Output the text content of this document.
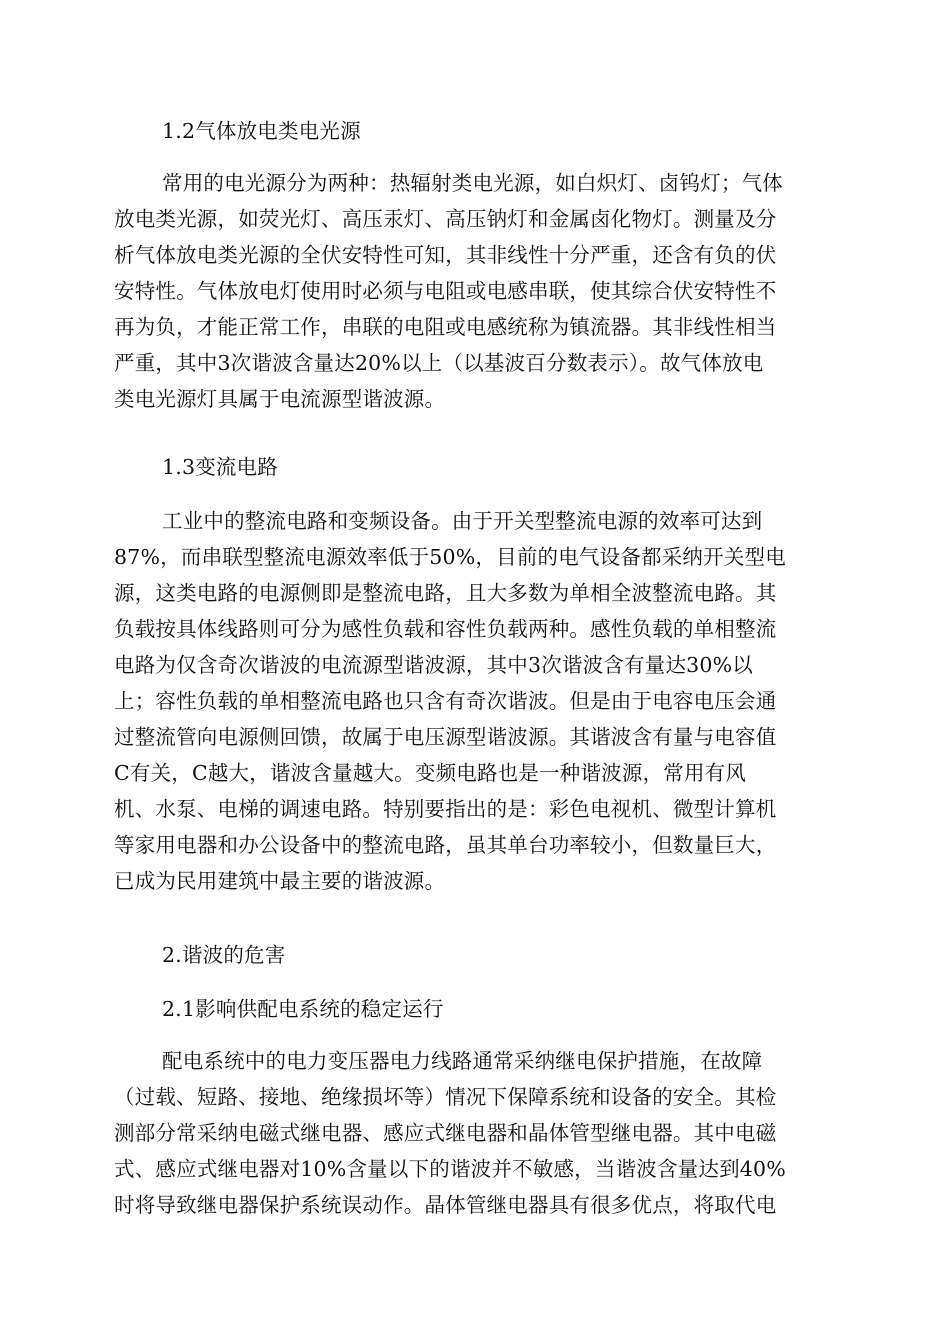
1.2气体放电类电光源
常用的电光源分为两种：热辐射类电光源，如白炽灯、卤钨灯；气体
放电类光源，如荧光灯、高压汞灯、高压钠灯和金属卤化物灯。测量及分
析气体放电类光源的全伏安特性可知，其非线性十分严重，还含有负的伏
安特性。气体放电灯使用时必须与电阻或电感串联，使其综合伏安特性不
再为负，才能正常工作，串联的电阻或电感统称为镇流器。其非线性相当
严重，其中3次谐波含量达20%以上（以基波百分数表示）。故气体放电
类电光源灯具属于电流源型谐波源。
1.3变流电路
工业中的整流电路和变频设备。由于开关型整流电源的效率可达到
87%，而串联型整流电源效率低于50%，目前的电气设备都采纳开关型电
源，这类电路的电源侧即是整流电路，且大多数为单相全波整流电路。其
负载按具体线路则可分为感性负载和容性负载两种。感性负载的单相整流
电路为仅含奇次谐波的电流源型谐波源，其中3次谐波含有量达30%以
上；容性负载的单相整流电路也只含有奇次谐波。但是由于电容电压会通
过整流管向电源侧回馈，故属于电压源型谐波源。其谐波含有量与电容值
C有关，C越大，谐波含量越大。变频电路也是一种谐波源，常用有风
机、水泵、电梯的调速电路。特别要指出的是：彩色电视机、微型计算机
等家用电器和办公设备中的整流电路，虽其单台功率较小，但数量巨大，
已成为民用建筑中最主要的谐波源。
2.谐波的危害
2.1影响供配电系统的稳定运行
配电系统中的电力变压器电力线路通常采纳继电保护措施，在故障
（过载、短路、接地、绝缘损坏等）情况下保障系统和设备的安全。其检
测部分常采纳电磁式继电器、感应式继电器和晶体管型继电器。其中电磁
式、感应式继电器对10%含量以下的谐波并不敏感，当谐波含量达到40%
时将导致继电器保护系统误动作。晶体管继电器具有很多优点，将取代电
